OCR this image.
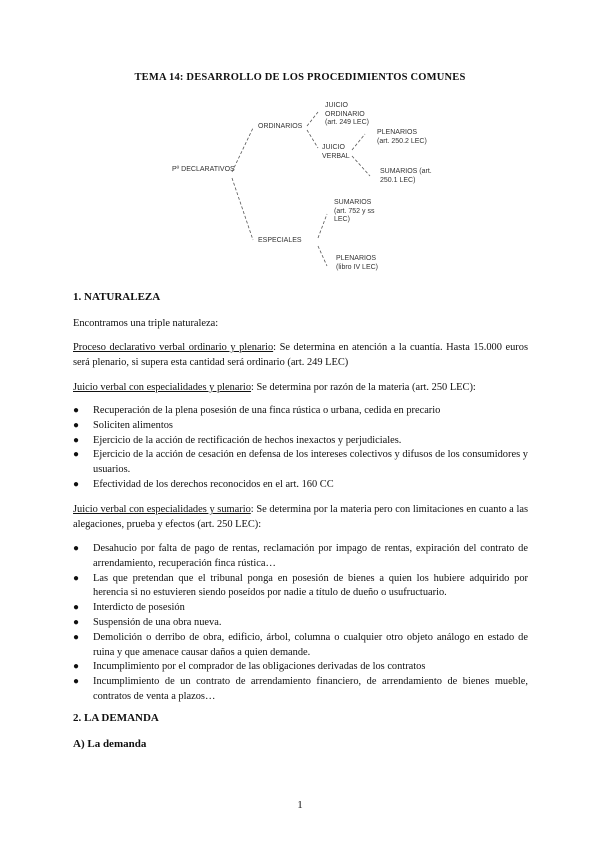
TEMA 14: DESARROLLO DE LOS PROCEDIMIENTOS COMUNES
Pº DECLARATIVOS
ORDINARIOS
ESPECIALES
JUICIO ORDINARIO (art. 249 LEC)
JUICIO VERBAL
PLENARIOS (art. 250.2 LEC)
SUMARIOS (art. 250.1 LEC)
SUMARIOS (art. 752 y ss LEC)
PLENARIOS (libro IV LEC)
1. NATURALEZA
Encontramos una triple naturaleza:
Proceso declarativo verbal ordinario y plenario: Se determina en atención a la cuantía. Hasta 15.000 euros será plenario, si supera esta cantidad será ordinario (art. 249 LEC)
Juicio verbal con especialidades y plenario: Se determina por razón de la materia (art. 250 LEC):
● Recuperación de la plena posesión de una finca rústica o urbana, cedida en precario
● Soliciten alimentos
● Ejercicio de la acción de rectificación de hechos inexactos y perjudiciales.
● Ejercicio de la acción de cesación en defensa de los intereses colectivos y difusos de los consumidores y usuarios.
● Efectividad de los derechos reconocidos en el art. 160 CC
Juicio verbal con especialidades y sumario: Se determina por la materia pero con limitaciones en cuanto a las alegaciones, prueba y efectos (art. 250 LEC):
● Desahucio por falta de pago de rentas, reclamación por impago de rentas, expiración del contrato de arrendamiento, recuperación finca rústica…
● Las que pretendan que el tribunal ponga en posesión de bienes a quien los hubiere adquirido por herencia si no estuvieren siendo poseídos por nadie a título de dueño o usufructuario.
● Interdicto de posesión
● Suspensión de una obra nueva.
● Demolición o derribo de obra, edificio, árbol, columna o cualquier otro objeto análogo en estado de ruina y que amenace causar daños a quien demande.
● Incumplimiento por el comprador de las obligaciones derivadas de los contratos
● Incumplimiento de un contrato de arrendamiento financiero, de arrendamiento de bienes mueble, contratos de venta a plazos…
2. LA DEMANDA
A) La demanda
1
